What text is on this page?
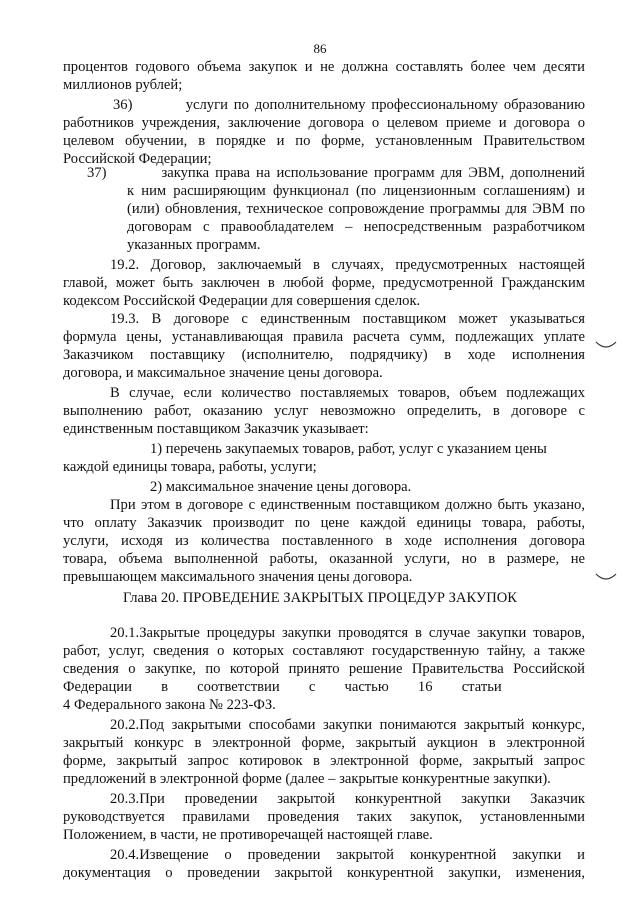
86
процентов годового объема закупок и не должна составлять более чем десяти
миллионов рублей;
36)         услуги по дополнительному профессиональному образованию
работников учреждения, заключение договора о целевом приеме и договора о
целевом обучении, в порядке и по форме, установленным Правительством
Российской Федерации;
37)         закупка права на использование программ для ЭВМ, дополнений
к ним расширяющим функционал (по лицензионным соглашениям) и
(или) обновления, техническое сопровождение программы для ЭВМ по
договорам с правообладателем – непосредственным разработчиком
указанных программ.
19.2. Договор, заключаемый в случаях, предусмотренных настоящей
главой, может быть заключен в любой форме, предусмотренной Гражданским
кодексом Российской Федерации для совершения сделок.
19.3. В договоре с единственным поставщиком может указываться
формула цены, устанавливающая правила расчета сумм, подлежащих уплате
Заказчиком поставщику (исполнителю, подрядчику) в ходе исполнения
договора, и максимальное значение цены договора.
В случае, если количество поставляемых товаров, объем подлежащих
выполнению работ, оказанию услуг невозможно определить, в договоре с
единственным поставщиком Заказчик указывает:
1) перечень закупаемых товаров, работ, услуг с указанием цены
каждой единицы товара, работы, услуги;
2) максимальное значение цены договора.
При этом в договоре с единственным поставщиком должно быть указано,
что оплату Заказчик производит по цене каждой единицы товара, работы,
услуги, исходя из количества поставленного в ходе исполнения договора
товара, объема выполненной работы, оказанной услуги, но в размере, не
превышающем максимального значения цены договора.
Глава 20. ПРОВЕДЕНИЕ ЗАКРЫТЫХ ПРОЦЕДУР ЗАКУПОК
20.1.Закрытые процедуры закупки проводятся в случае закупки товаров,
работ, услуг, сведения о которых составляют государственную тайну, а также
сведения о закупке, по которой принято решение Правительства Российской
Федерации        в        соответствии        с        частью        16        статьи
4 Федерального закона № 223-ФЗ.
20.2.Под закрытыми способами закупки понимаются закрытый конкурс,
закрытый конкурс в электронной форме, закрытый аукцион в электронной
форме, закрытый запрос котировок в электронной форме, закрытый запрос
предложений в электронной форме (далее – закрытые конкурентные закупки).
20.3.При проведении закрытой конкурентной закупки Заказчик
руководствуется правилами проведения таких закупок, установленными
Положением, в части, не противоречащей настоящей главе.
20.4.Извещение о проведении закрытой конкурентной закупки и
документация о проведении закрытой конкурентной закупки, изменения,
